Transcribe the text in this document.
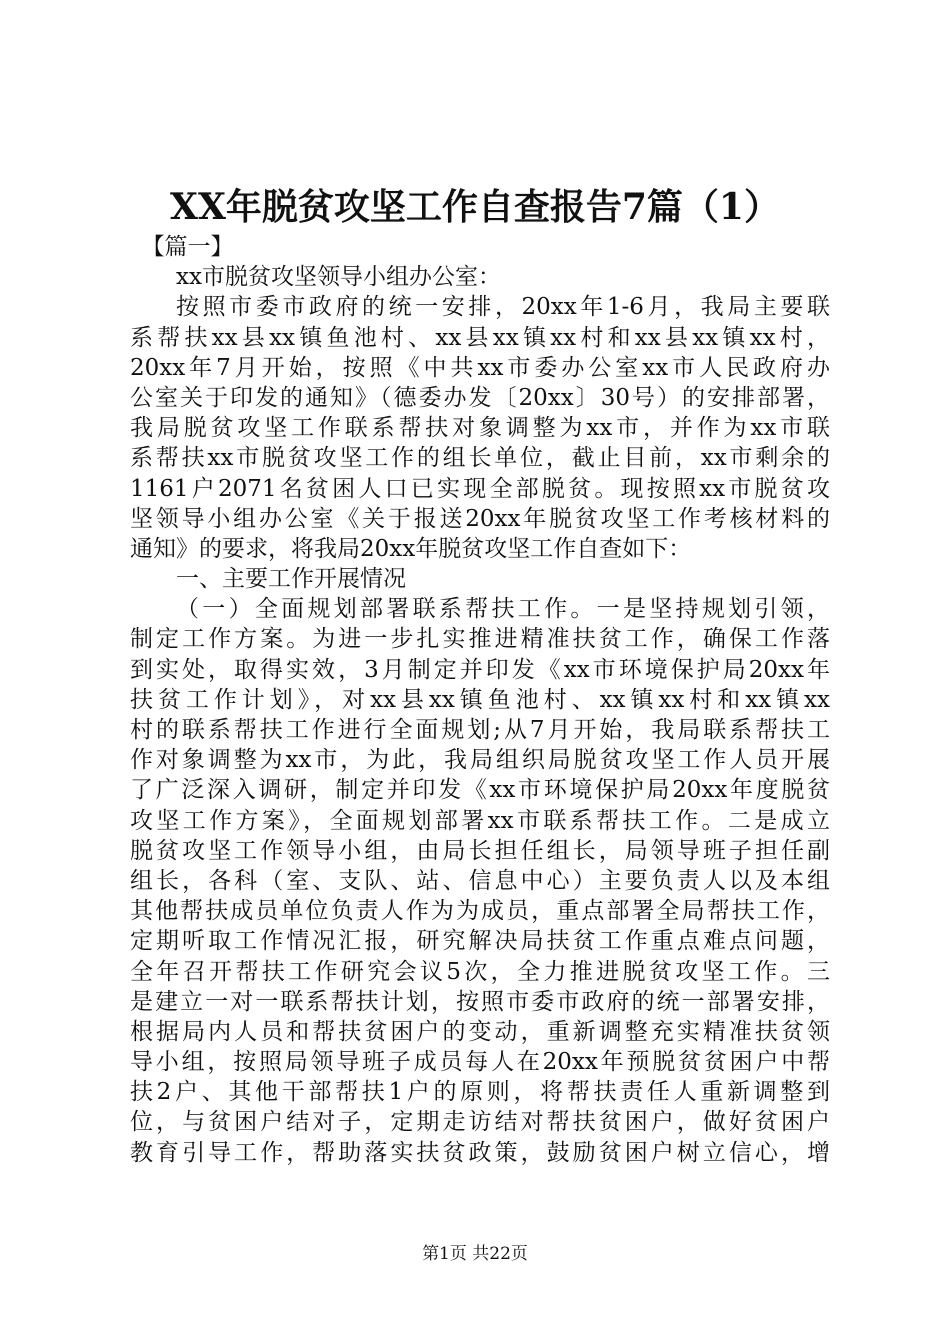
XX年脱贫攻坚工作自查报告7篇（1）
　【篇一】
xx市脱贫攻坚领导小组办公室：
按照市委市政府的统一安排，20xx年1-6月，我局主要联
系帮扶xx县xx镇鱼池村、xx县xx镇xx村和xx县xx镇xx村，
20xx年7月开始，按照《中共xx市委办公室xx市人民政府办
公室关于印发的通知》（德委办发〔20xx〕30号）的安排部署，
我局脱贫攻坚工作联系帮扶对象调整为xx市，并作为xx市联
系帮扶xx市脱贫攻坚工作的组长单位，截止目前，xx市剩余的
1161户2071名贫困人口已实现全部脱贫。现按照xx市脱贫攻
坚领导小组办公室《关于报送20xx年脱贫攻坚工作考核材料的
通知》的要求，将我局20xx年脱贫攻坚工作自查如下：
一、主要工作开展情况
（一）全面规划部署联系帮扶工作。一是坚持规划引领，
制定工作方案。为进一步扎实推进精准扶贫工作，确保工作落
到实处，取得实效，3月制定并印发《xx市环境保护局20xx年
扶贫工作计划》，对xx县xx镇鱼池村、xx镇xx村和xx镇xx
村的联系帮扶工作进行全面规划;从7月开始，我局联系帮扶工
作对象调整为xx市，为此，我局组织局脱贫攻坚工作人员开展
了广泛深入调研，制定并印发《xx市环境保护局20xx年度脱贫
攻坚工作方案》，全面规划部署xx市联系帮扶工作。二是成立
脱贫攻坚工作领导小组，由局长担任组长，局领导班子担任副
组长，各科（室、支队、站、信息中心）主要负责人以及本组
其他帮扶成员单位负责人作为为成员，重点部署全局帮扶工作，
定期听取工作情况汇报，研究解决局扶贫工作重点难点问题，
全年召开帮扶工作研究会议5次，全力推进脱贫攻坚工作。三
是建立一对一联系帮扶计划，按照市委市政府的统一部署安排，
根据局内人员和帮扶贫困户的变动，重新调整充实精准扶贫领
导小组，按照局领导班子成员每人在20xx年预脱贫贫困户中帮
扶2户、其他干部帮扶1户的原则，将帮扶责任人重新调整到
位，与贫困户结对子，定期走访结对帮扶贫困户，做好贫困户
教育引导工作，帮助落实扶贫政策，鼓励贫困户树立信心，增
第1页 共22页
